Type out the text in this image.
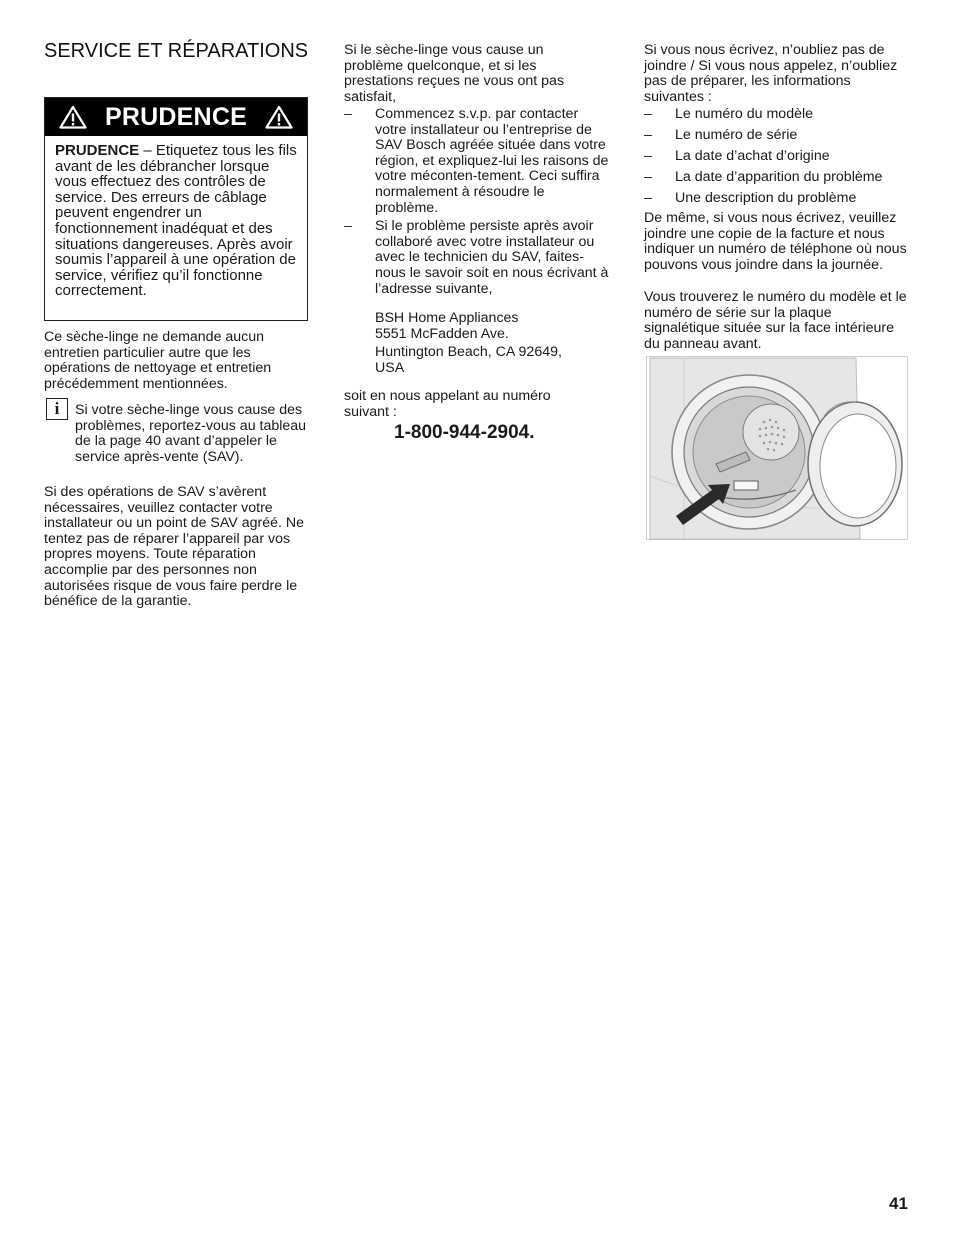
SERVICE ET RÉPARATIONS
PRUDENCE
PRUDENCE – Etiquetez tous les fils avant de les débrancher lorsque vous effectuez des contrôles de service. Des erreurs de câblage peuvent engendrer un fonctionnement inadéquat et des situations dangereuses. Après avoir soumis l’appareil à une opération de service, vérifiez qu’il fonctionne correctement.

Ce sèche-linge ne demande aucun entretien particulier autre que les opérations de nettoyage et entretien précédemment mentionnées.

i	Si votre sèche-linge vous cause des problèmes, reportez-vous au tableau de la page 40 avant d’appeler le service après-vente (SAV).

Si des opérations de SAV s’avèrent nécessaires, veuillez contacter votre installateur ou un point de SAV agréé. Ne tentez pas de réparer l’appareil par vos propres moyens. Toute réparation accomplie par des personnes non autorisées risque de vous faire perdre le bénéfice de la garantie.

Si le sèche-linge vous cause un problème quelconque, et si les prestations reçues ne vous ont pas satisfait,

– Commencez s.v.p. par contacter votre installateur ou l’entreprise de SAV Bosch agréée située dans votre région, et expliquez-lui les raisons de votre méconten-tement. Ceci suffira normalement à résoudre le problème.
– Si le problème persiste après avoir collaboré avec votre installateur ou avec le technicien du SAV, faites-nous le savoir soit en nous écrivant à l’adresse suivante,
BSH Home Appliances
5551 McFadden Ave.
Huntington Beach, CA 92649,
USA

soit en nous appelant au numéro suivant :

1-800-944-2904.

Si vous nous écrivez, n’oubliez pas de joindre / Si vous nous appelez, n’oubliez pas de préparer, les informations suivantes :

– Le numéro du modèle
– Le numéro de série
– La date d’achat d’origine
– La date d’apparition du problème
– Une description du problème

De même, si vous nous écrivez, veuillez joindre une copie de la facture et nous indiquer un numéro de téléphone où nous pouvons vous joindre dans la journée.

Vous trouverez le numéro du modèle et le numéro de série sur la plaque signalétique située sur la face intérieure du panneau avant.

41
